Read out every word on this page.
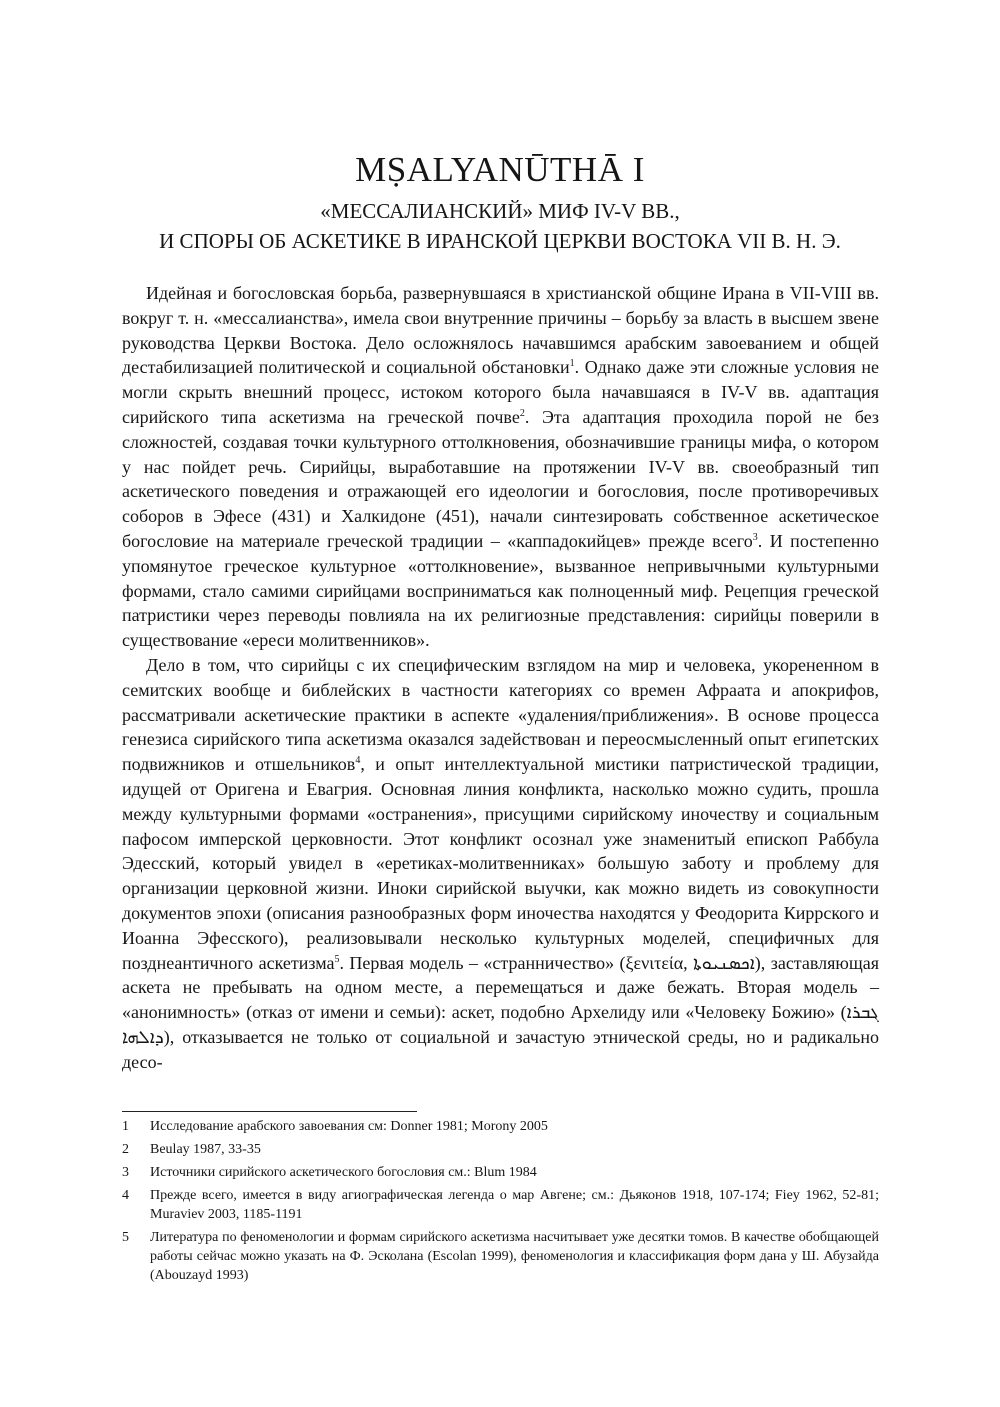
MṢALYANŪTHĀ I
«МЕССАЛИАНСКИЙ» МИФ IV-V ВВ.,
И СПОРЫ ОБ АСКЕТИКЕ В ИРАНСКОЙ ЦЕРКВИ ВОСТОКА VII В. Н. Э.

Идейная и богословская борьба, развернувшаяся в христианской общине Ирана в VII-VIII вв. вокруг т. н. «мессалианства», имела свои внутренние причины – борьбу за власть в высшем звене руководства Церкви Востока. Дело осложнялось начавшимся арабским завоеванием и общей дестабилизацией политической и социальной обстановки$^1$. Однако даже эти сложные условия не могли скрыть внешний процесс, истоком которого была начавшаяся в IV-V вв. адаптация сирийского типа аскетизма на греческой почве$^2$. Эта адаптация проходила порой не без сложностей, создавая точки культурного оттолкновения, обозначившие границы мифа, о котором у нас пойдет речь. Сирийцы, выработавшие на протяжении IV-V вв. своеобразный тип аскетического поведения и отражающей его идеологии и богословия, после противоречивых соборов в Эфесе (431) и Халкидоне (451), начали синтезировать собственное аскетическое богословие на материале греческой традиции – «каппадокийцев» прежде всего$^3$. И постепенно упомянутое греческое культурное «оттолкновение», вызванное непривычными культурными формами, стало самими сирийцами восприниматься как полноценный миф. Рецепция греческой патристики через переводы повлияла на их религиозные представления: сирийцы поверили в существование «ереси молитвенников».

Дело в том, что сирийцы с их специфическим взглядом на мир и человека, укорененном в семитских вообще и библейских в частности категориях со времен Афраата и апокрифов, рассматривали аскетические практики в аспекте «удаления/приближения». В основе процесса генезиса сирийского типа аскетизма оказался задействован и переосмысленный опыт египетских подвижников и отшельников$^4$, и опыт интеллектуальной мистики патристической традиции, идущей от Оригена и Евагрия. Основная линия конфликта, насколько можно судить, прошла между культурными формами «остранения», присущими сирийскому иночеству и социальным пафосом имперской церковности. Этот конфликт осознал уже знаменитый епископ Раббула Эдесский, который увидел в «еретиках-молитвенниках» большую заботу и проблему для организации церковной жизни. Иноки сирийской выучки, как можно видеть из совокупности документов эпохи (описания разнообразных форм иночества находятся у Феодорита Киррского и Иоанна Эфесского), реализовывали несколько культурных моделей, специфичных для позднеантичного аскетизма$^5$. Первая модель – «странничество» (ξενιτεία, ܐܟܣܢܝܘܬܐ), заставляющая аскета не пребывать на одном месте, а перемещаться и даже бежать. Вторая модель – «анонимность» (отказ от имени и семьи): аскет, подобно Архелиду или «Человеку Божию» (ܓܒܪܐ ܕܐܠܗܐ), отказывается не только от социальной и зачастую этнической среды, но и радикально десо-

1	Исследование арабского завоевания см: Donner 1981; Morony 2005
2	Beulay 1987, 33-35
3	Источники сирийского аскетического богословия см.: Blum 1984
4	Прежде всего, имеется в виду агиографическая легенда о мар Авгене; см.: Дьяконов 1918, 107-174; Fiey 1962, 52-81; Muraviev 2003, 1185-1191
5	Литература по феноменологии и формам сирийского аскетизма насчитывает уже десятки томов. В качестве обобщающей работы сейчас можно указать на Ф. Эсколана (Escolan 1999), феноменология и классификация форм дана у Ш. Абузайда (Abouzayd 1993)
